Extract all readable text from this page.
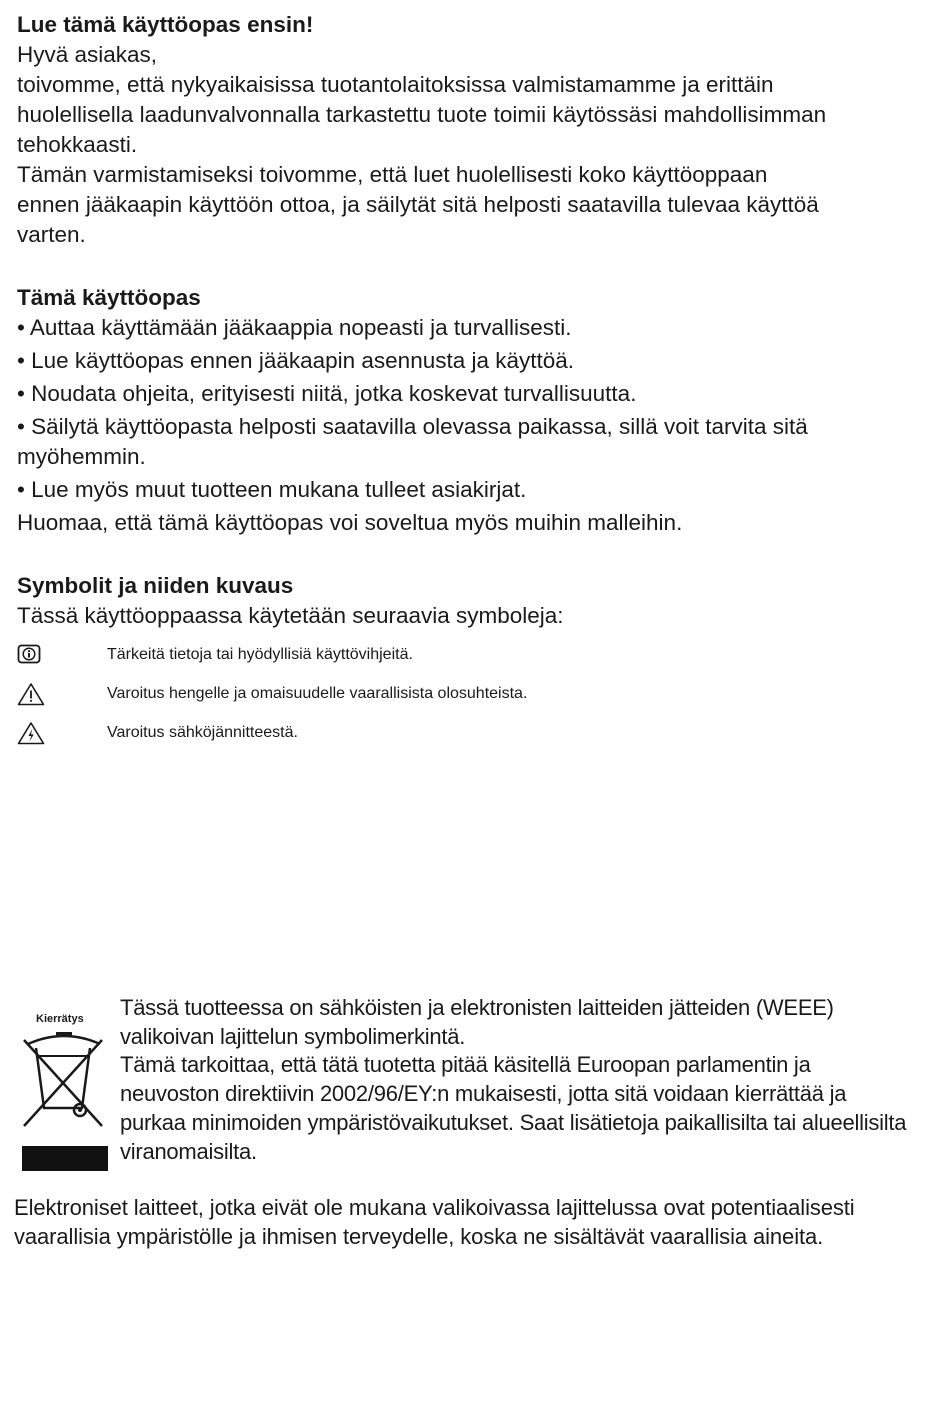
Lue tämä käyttöopas ensin!

Hyvä asiakas,

toivomme, että nykyaikaisissa tuotantolaitoksissa valmistamamme ja erittäin

huolellisella laadunvalvonnalla tarkastettu tuote toimii käytössäsi mahdollisimman

tehokkaasti.

Tämän varmistamiseksi toivomme, että luet huolellisesti koko käyttöoppaan

ennen jääkaapin käyttöön ottoa, ja säilytät sitä helposti saatavilla tulevaa käyttöä

varten.

Tämä käyttöopas

• Auttaa käyttämään jääkaappia nopeasti ja turvallisesti.

• Lue käyttöopas ennen jääkaapin asennusta ja käyttöä.

• Noudata ohjeita, erityisesti niitä, jotka koskevat turvallisuutta.

• Säilytä käyttöopasta helposti saatavilla olevassa paikassa, sillä voit tarvita sitä

myöhemmin.

• Lue myös muut tuotteen mukana tulleet asiakirjat.

Huomaa, että tämä käyttöopas voi soveltua myös muihin malleihin.

Symbolit ja niiden kuvaus

Tässä käyttöoppaassa käytetään seuraavia symboleja:

Tärkeitä tietoja tai hyödyllisiä käyttövihjeitä.
Varoitus hengelle ja omaisuudelle vaarallisista olosuhteista.
Varoitus sähköjännitteestä.
Kierrätys Tässä tuotteessa on sähköisten ja elektronisten laitteiden jätteiden (WEEE)

valikoivan lajittelun symbolimerkintä.

Tämä tarkoittaa, että tätä tuotetta pitää käsitellä Euroopan parlamentin ja

neuvoston direktiivin 2002/96/EY:n mukaisesti, jotta sitä voidaan kierrättää ja

purkaa minimoiden ympäristövaikutukset. Saat lisätietoja paikallisilta tai alueellisilta

viranomaisilta.

Elektroniset laitteet, jotka eivät ole mukana valikoivassa lajittelussa ovat potentiaalisesti

vaarallisia ympäristölle ja ihmisen terveydelle, koska ne sisältävät vaarallisia aineita.
